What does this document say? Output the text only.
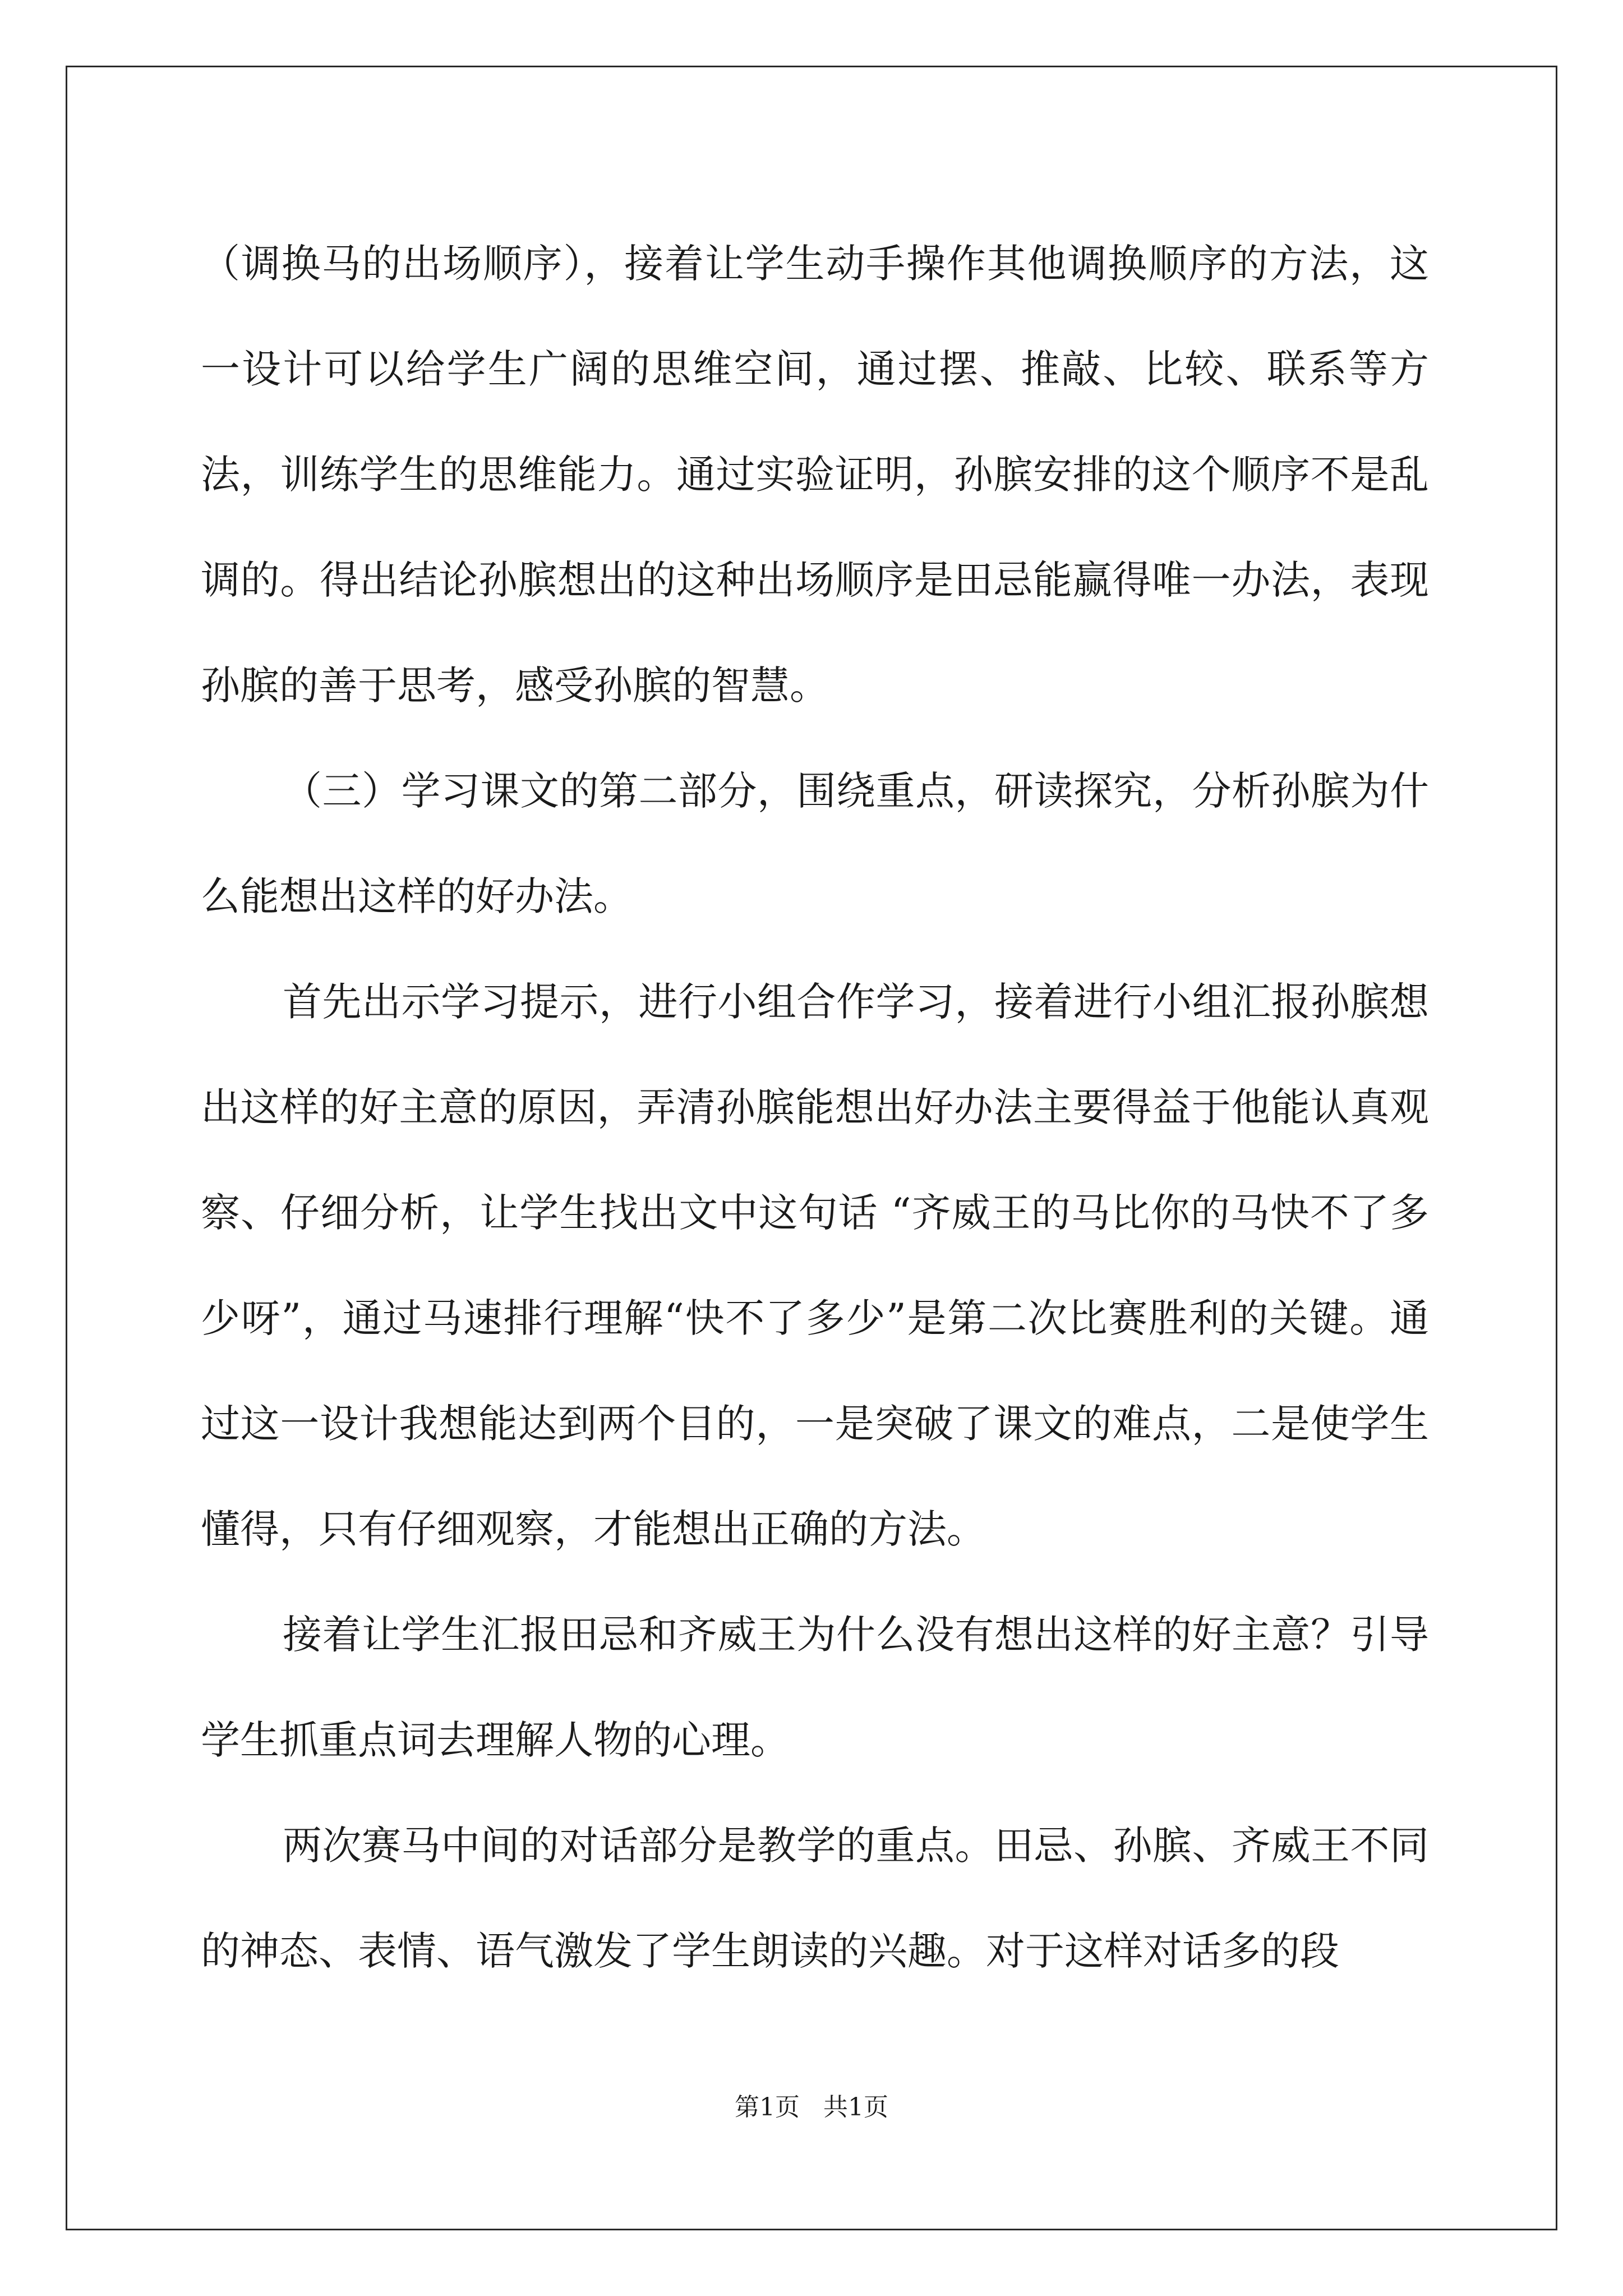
（调换马的出场顺序），接着让学生动手操作其他调换顺序的方法，这一设计可以给学生广阔的思维空间，通过摆、推敲、比较、联系等方法，训练学生的思维能力。通过实验证明，孙膑安排的这个顺序不是乱调的。得出结论孙膑想出的这种出场顺序是田忌能赢得唯一办法，表现孙膑的善于思考，感受孙膑的智慧。

（三）学习课文的第二部分，围绕重点，研读探究，分析孙膑为什么能想出这样的好办法。

首先出示学习提示，进行小组合作学习，接着进行小组汇报孙膑想出这样的好主意的原因，弄清孙膑能想出好办法主要得益于他能认真观察、仔细分析，让学生找出文中这句话 “齐威王的马比你的马快不了多少呀”，通过马速排行理解“快不了多少”是第二次比赛胜利的关键。通过这一设计我想能达到两个目的，一是突破了课文的难点，二是使学生懂得，只有仔细观察，才能想出正确的方法。

接着让学生汇报田忌和齐威王为什么没有想出这样的好主意？引导学生抓重点词去理解人物的心理。

两次赛马中间的对话部分是教学的重点。田忌、孙膑、齐威王不同的神态、表情、语气激发了学生朗读的兴趣。对于这样对话多的段

第1页   共1页
